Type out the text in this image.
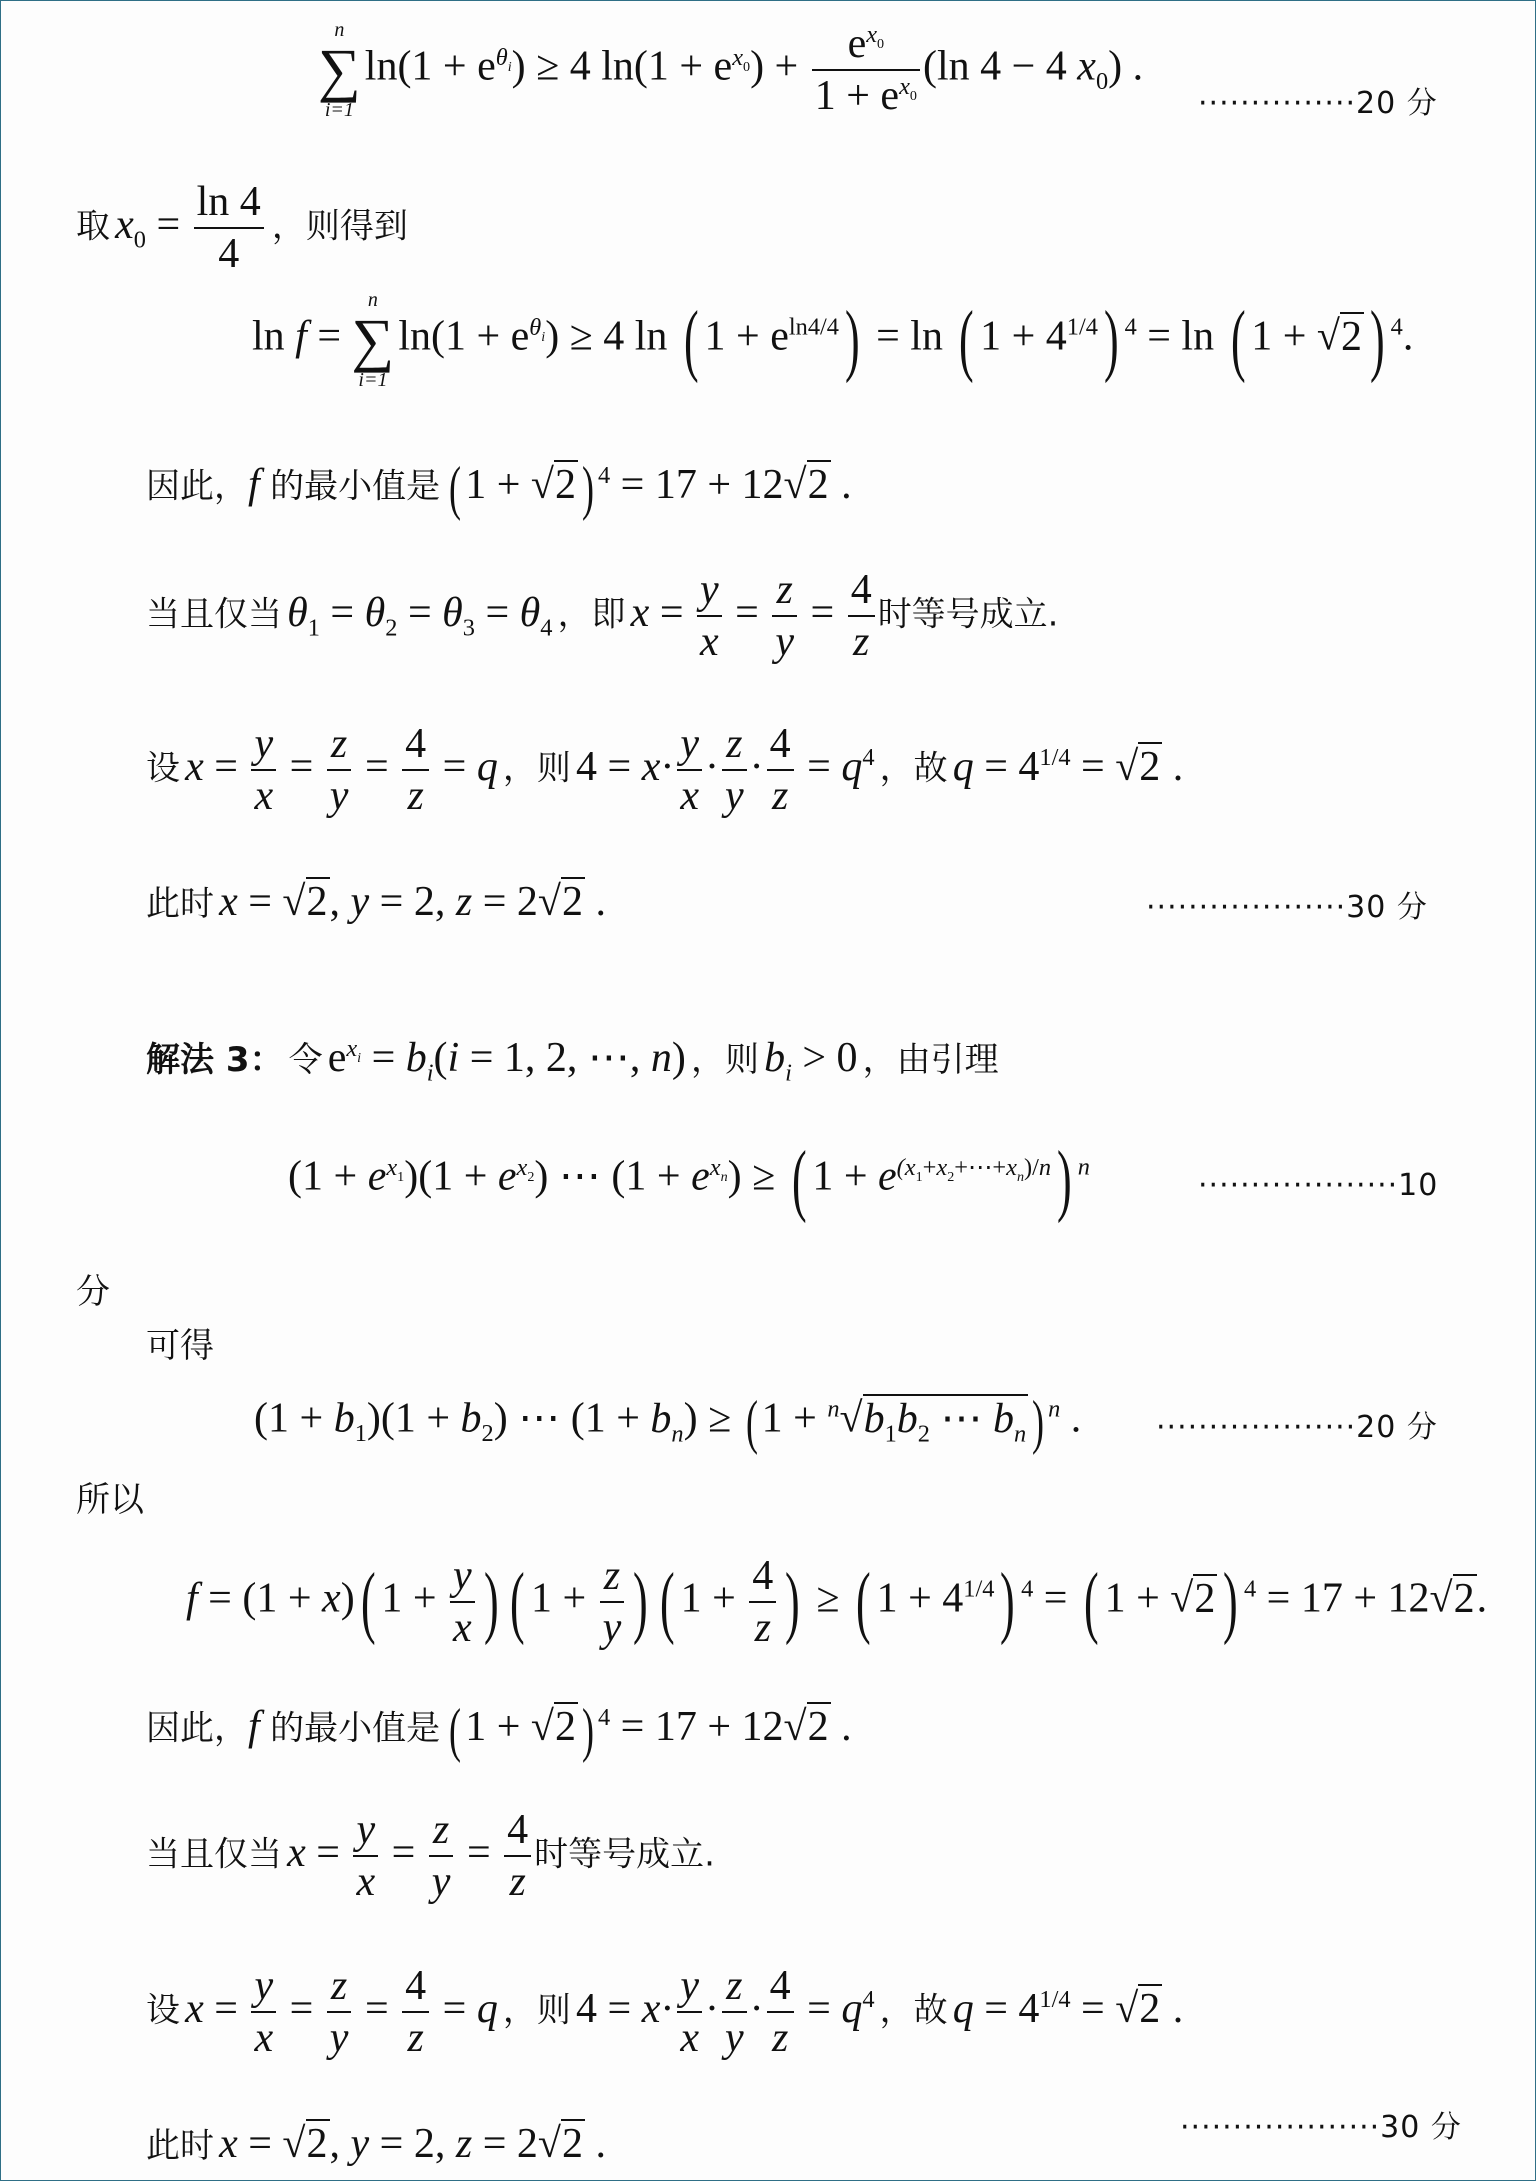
n
∑
i=1
$\ln(1 + e^{\theta_i}) \ge 4$ $\ln(1 + e^{x_0}) + \frac{e^{x_0}}{1 + e^{x_0}} (\ln$ 4 − 4 $x_0$) .
···············20 分
取 $x_0 = \frac{\ln 4}{4}$ ，则得到
ln f =
n
∑
i=1
$\ln(1 + e^{\theta_i}) \ge 4$ ln ( $1 + e^{ln4/4}) = \ln$ ( $1 + 4^{1/4}$) $^4$ = ln ( 1 + √2) $^4$.
因此，f 的最小值是 (1 + √2) $^4$ = 17 + 12√2 .
当且仅当 $\theta_1 = \theta_2 = \theta_3 = \theta_4$ ，即 $x = \frac{y}{x} = \frac{z}{y} = \frac{4}{z}$ 时等号成立.
设 $x = \frac{y}{x} = \frac{z}{y} = \frac{4}{z} = q$ ，则 $4 = x\cdot \frac{y}{x} \cdot \frac{z}{y} \cdot \frac{4}{z} = q^4$ ，故 $q = 4^{1/4} = √2$ .
此时 x = √2, y = 2, z = 2√2 .	···················30 分
解法 3： 令 $e^{x_i} = b_i(i = 1$, 2, ⋯, n) ，则 $b_i > 0$ ，由引理
$(1 + e^{x_1})(1 + e^{x_2})$ ⋯ $(1 + e^{x_n})$ ≥ ( $1 + e^{(x_1+x_2+\cdots+x_n)/n}$) $^n$
···················10
分
可得
$(1 + b_1)(1 + b_2)$ ⋯ $(1 + b_n) \ge (1 + ^n√b_1b_2$ ⋯ $b_n$) $^n$ . ···················20 分
所以
f = (1 + x)( $1 + \frac{y}{x}$ ) ( $1 + \frac{z}{y}$ ) ( $1 + \frac{4}{z}$ ) ≥ ( $1 + 4^{1/4}$) $^4$ = ( 1 + √2) $^4$ = 17 + 12√2.
因此，f 的最小值是 (1 + √2) $^4$ = 17 + 12√2 .
当且仅当 $x = \frac{y}{x} = \frac{z}{y} = \frac{4}{z}$ 时等号成立.
设 $x = \frac{y}{x} = \frac{z}{y} = \frac{4}{z} = q$ ，则 $4 = x\cdot \frac{y}{x} \cdot \frac{z}{y} \cdot \frac{4}{z} = q^4$ ，故 $q = 4^{1/4} = √2$ .
···················30 分
此时 x = √2, y = 2, z = 2√2 .
